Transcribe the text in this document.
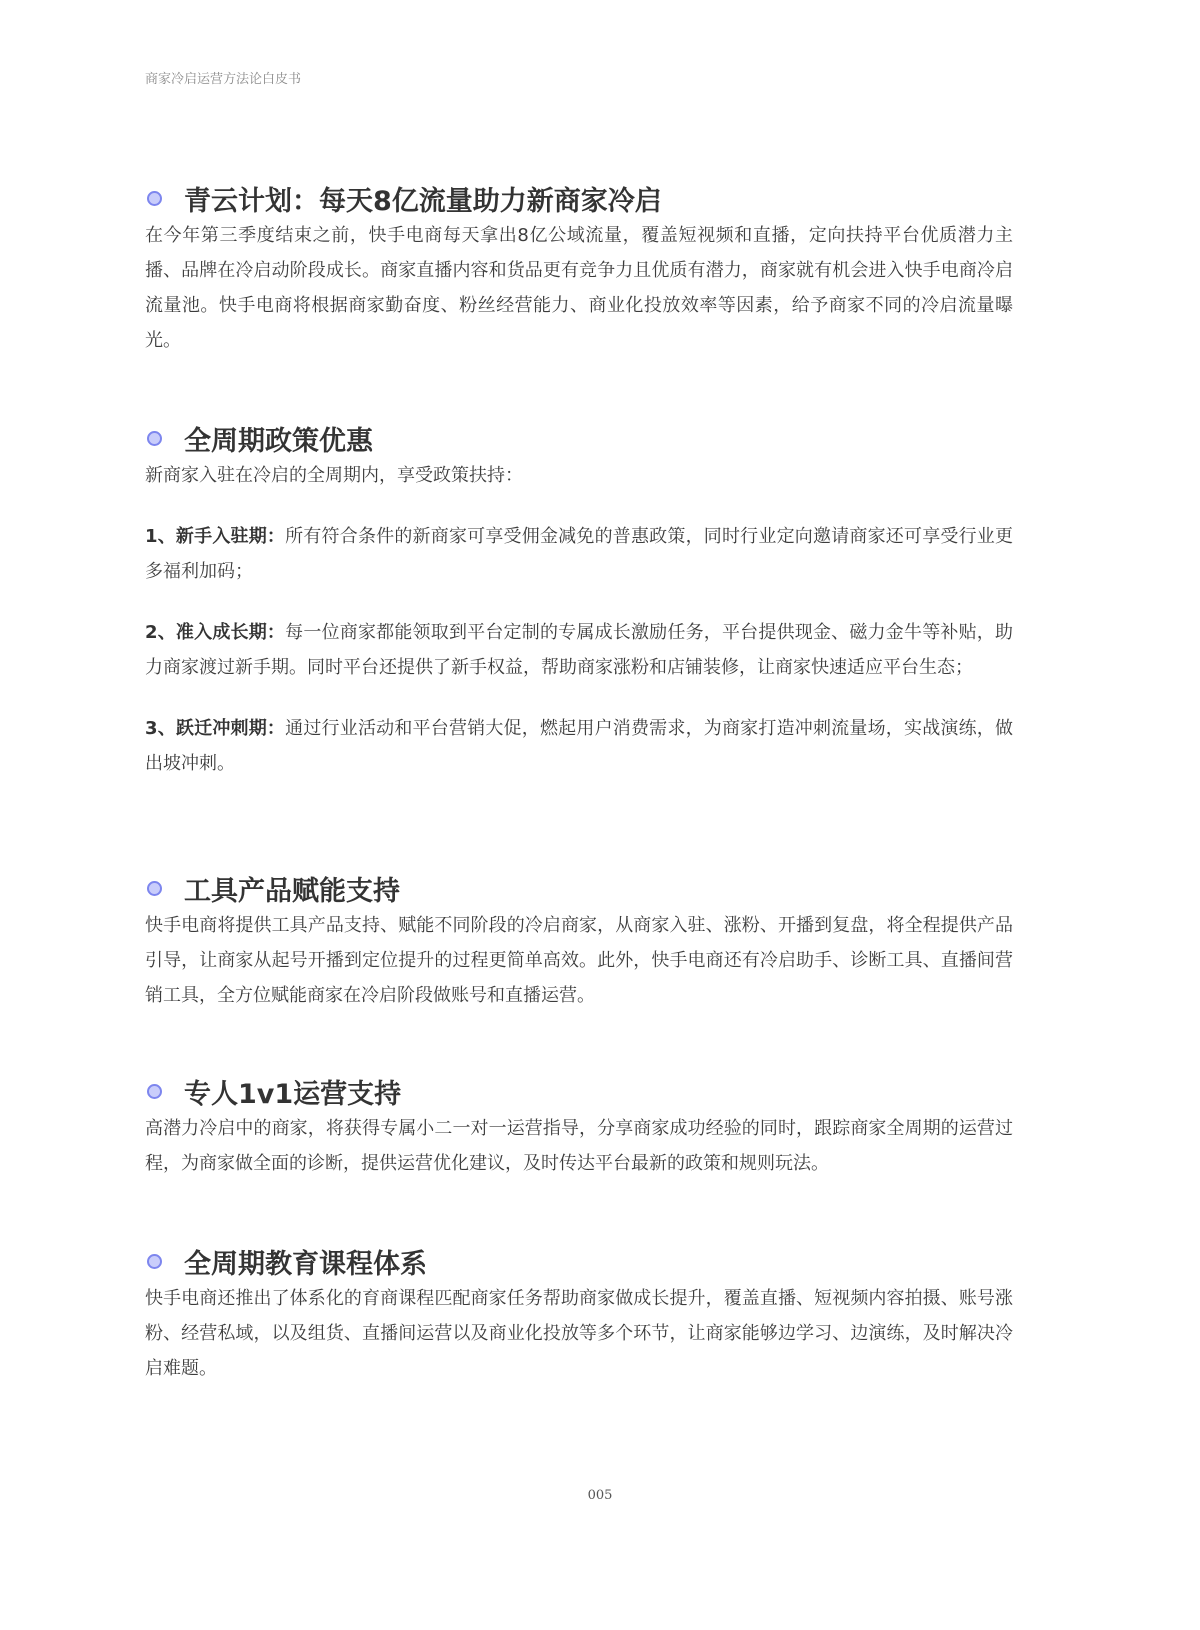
商家冷启运营方法论白皮书
青云计划：每天8亿流量助力新商家冷启

在今年第三季度结束之前，快手电商每天拿出8亿公域流量，覆盖短视频和直播，定向扶持平台优质潜力主播、品牌在冷启动阶段成长。商家直播内容和货品更有竞争力且优质有潜力，商家就有机会进入快手电商冷启流量池。快手电商将根据商家勤奋度、粉丝经营能力、商业化投放效率等因素，给予商家不同的冷启流量曝光。

全周期政策优惠

新商家入驻在冷启的全周期内，享受政策扶持：

1、新手入驻期：所有符合条件的新商家可享受佣金减免的普惠政策，同时行业定向邀请商家还可享受行业更多福利加码；

2、准入成长期：每一位商家都能领取到平台定制的专属成长激励任务，平台提供现金、磁力金牛等补贴，助力商家渡过新手期。同时平台还提供了新手权益，帮助商家涨粉和店铺装修，让商家快速适应平台生态；

3、跃迁冲刺期：通过行业活动和平台营销大促，燃起用户消费需求，为商家打造冲刺流量场，实战演练，做出坡冲刺。

工具产品赋能支持

快手电商将提供工具产品支持、赋能不同阶段的冷启商家，从商家入驻、涨粉、开播到复盘，将全程提供产品引导，让商家从起号开播到定位提升的过程更简单高效。此外，快手电商还有冷启助手、诊断工具、直播间营销工具，全方位赋能商家在冷启阶段做账号和直播运营。

专人1v1运营支持

高潜力冷启中的商家，将获得专属小二一对一运营指导，分享商家成功经验的同时，跟踪商家全周期的运营过程，为商家做全面的诊断，提供运营优化建议，及时传达平台最新的政策和规则玩法。

全周期教育课程体系

快手电商还推出了体系化的育商课程匹配商家任务帮助商家做成长提升，覆盖直播、短视频内容拍摄、账号涨粉、经营私域，以及组货、直播间运营以及商业化投放等多个环节，让商家能够边学习、边演练，及时解决冷启难题。

005
